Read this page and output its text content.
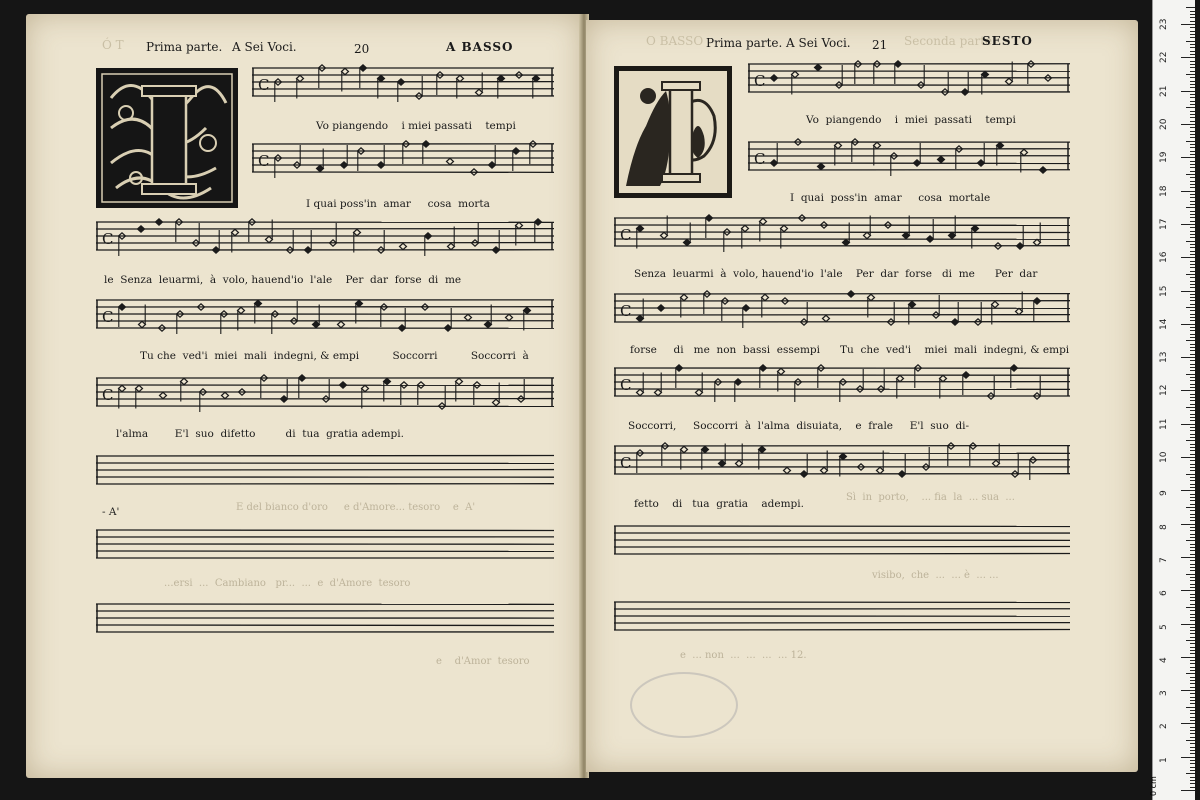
Ó T Prima parte. A Sei Voci.	20	A BASSO	O BASSO Prima parte. A Sei Voci. 21 Seconda parte.
SESTO
C
C
C
C
C
C
C
C
C
C
C
Vo piangendo    i miei passati    tempi
I quai poss'in  amar     cosa  morta
le  Senza  leuarmi,  à  volo, hauend'io  l'ale    Per  dar  forse  di  me
Tu che  ved'i  miei  mali  indegni, & empi          Soccorri          Soccorri  à
l'alma        E'l  suo  difetto         di  tua  gratia adempi.
- A'	E del bianco d'oro     e d'Amore... tesoro    e  A'
...ersi  ...  Cambiano   pr...  ...  e  d'Amore  tesoro
e    d'Amor  tesoro
Vo  piangendo    i  miei  passati    tempi
I  quai  poss'in  amar     cosa  mortale
Senza  leuarmi  à  volo, hauend'io  l'ale    Per  dar  forse   di  me      Per  dar
forse     di   me  non  bassi  essempi      Tu  che  ved'i    miei  mali  indegni, & empi
Soccorri,     Soccorri  à  l'alma  disuiata,    e  frale     E'l  suo  di-
fetto    di   tua  gratia    adempi.
Sì  in  porto,    ... fia  la  ... sua  ...
visibo,  che  ...  ... è  ... ...
e  ... non  ...  ...  ...  ... 12.
0 cm
1
2
3
4
5
6
7
8
9
10
11
12
13
14
15
16
17
18
19
20
21
22
23
